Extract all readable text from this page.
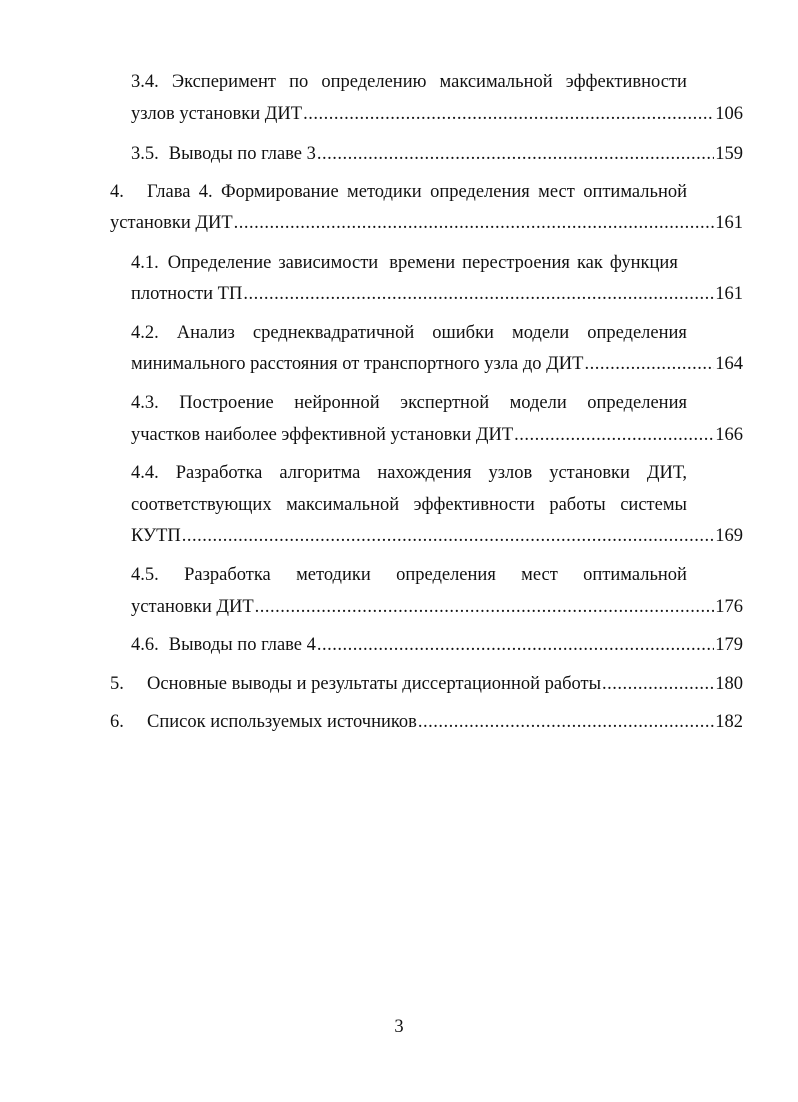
3.4. Эксперимент по определению максимальной эффективности
узлов установки ДИТ .....	106
3.5. Выводы по главе 3 .....	159
4.	Глава 4. Формирование методики определения мест оптимальной
установки ДИТ .....	161
4.1. Определение зависимости времени перестроения как функция
плотности ТП .....	161
4.2. Анализ среднеквадратичной ошибки модели определения
минимального расстояния от транспортного узла до ДИТ .....	164
4.3. Построение нейронной экспертной модели определения
участков наиболее эффективной установки ДИТ .....	166
4.4. Разработка алгоритма нахождения узлов установки ДИТ,
соответствующих максимальной эффективности работы системы
КУТП .....	169
4.5. Разработка методики определения мест оптимальной
установки ДИТ .....	176
4.6. Выводы по главе 4 .....	179
5.	Основные выводы и результаты диссертационной работы .....	180
6.	Список используемых источников .....	182
3
